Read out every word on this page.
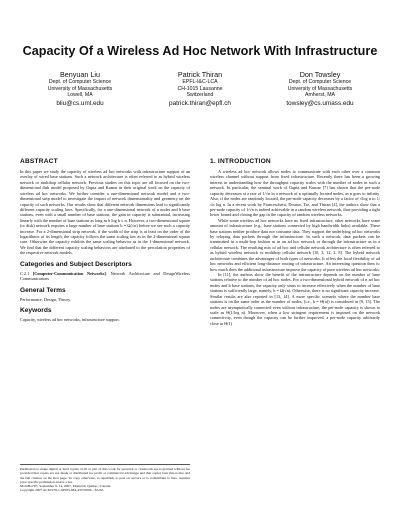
Capacity Of a Wireless Ad Hoc Network With Infrastructure
Benyuan Liu
Dept. of Computer Science
University of Massachusetts
Lowell, MA
bliu@cs.uml.edu
Patrick Thiran
EPFL-I&C-LCA
CH-1015 Lausanne
Switzerland
patrick.thiran@epfl.ch
Don Towsley
Dept. of Computer Science
University of Massachusetts
Amherst, MA
towsley@cs.umass.edu
ABSTRACT

In this paper we study the capacity of wireless ad hoc networks with infrastructure support of an overlay of wired base stations. Such a network architecture is often referred to as hybrid wireless network or multihop cellular network. Previous studies on this topic are all focused on the two-dimensional disk model proposed by Gupta and Kumar in their original work on the capacity of wireless ad hoc networks. We further consider a one-dimensional network model and a two-dimensional strip model to investigate the impact of network dimensionality and geometry on the capacity of such networks. Our results show that different network dimensions lead to significantly different capacity scaling laws. Specifically, for a one-dimensional network of n nodes and b base stations, even with a small number of base stations, the gain in capacity is substantial, increasing linearly with the number of base stations as long as b log b ≤ n. However, a two-dimensional square (or disk) network requires a large number of base stations b = Ω(√n) before we see such a capacity increase. For a 2-dimensional strip network, if the width of the strip is at least on the order of the logarithmic of its length, the capacity follows the same scaling law as in the 2-dimensional square case. Otherwise the capacity exhibits the same scaling behavior as in the 1-dimensional network. We find that the different capacity scaling behaviors are attributed to the percolation properties of the respective network models.

Categories and Subject Descriptors

C.2.1 [Computer-Communication Networks]: Network Architecture and DesignWireless Communications

General Terms

Performance, Design, Theory.

Keywords

Capacity, wireless ad hoc networks, infrastructure support.

Permission to make digital or hard copies of all or part of this work for personal or classroom use is granted without fee provided that copies are not made or distributed for profit or commercial advantage and that copies bear this notice and the full citation on the first page. To copy otherwise, to republish, to post on servers or to redistribute to lists, requires prior specific permission and/or a fee.

MobiHoc'07, September 9–14, 2007, Montréal, Québec, Canada.

Copyright 2007 ACM 978-1-59593-684-4/07/0009 ...$5.00.

1. INTRODUCTION

A wireless ad hoc network allows nodes to communicate with each other over a common wireless channel without support from fixed infrastructure. Recently there has been a growing interest in understanding how the throughput capacity scales with the number of nodes in such a network. In particular, the seminal work of Gupta and Kumar [7] has shown that the per-node capacity decreases at a rate of 1/√n in a network of n optimally located nodes, as n goes to infinity. Also, if the nodes are randomly located, the per-node capacity decreases by a factor of √log n to 1/√n log n. In a recent work by Franceschetti, Dousse, Tse, and Thiran [4], the authors show that a per-node capacity of 1/√n is indeed achievable in a random wireless network, thus providing a tight lower bound and closing the gap in the capacity of random wireless networks.

While some wireless ad hoc networks have no fixed infrastructure, other networks have some amount of infrastructure (e.g., base stations connected by high bandwidth links) available. These base stations neither produce data nor consume data. They support the underlying ad hoc networks by relaying data packets through the infrastructure. In such a network, data packets can be transmitted in a multi-hop fashion as in an ad hoc network or through the infrastructure as in a cellular network. The resulting mix of ad hoc and cellular network architecture is often referred to as hybrid wireless network or multihop cellular network [10, 3, 12, 2, 8]. The hybrid network architecture combines the advantages of both types of networks. It offers the local flexibility of ad hoc networks and efficient long-distance routing of infrastructure. An interesting question then is: how much does the additional infrastructure improve the capacity of pure wireless ad hoc networks.

In [11], the authors show the benefit of the infrastructure depends on the number of base stations relative to the number of ad hoc nodes. For a two-dimensional hybrid network of n ad hoc nodes and b base stations, the capacity only starts to increase effectively when the number of base stations is sufficiently large, namely, b = Ω(√n). Otherwise, there is no significant capacity increase. Similar results are also reported in [13, 14]. A more specific scenario where the number base stations is on the same order as the number of nodes, (i.e., b = Θ(n)) is considered in [9, 15]. The nodes are asymptotically connected even without infrastructure, the per-node capacity is shown to scale as Θ(1/log n). Moreover, when a low stringent requirement is imposed on the network connectivity, even though the capacity can be further improved, a per-node capacity arbitrarily close to Θ(1)
